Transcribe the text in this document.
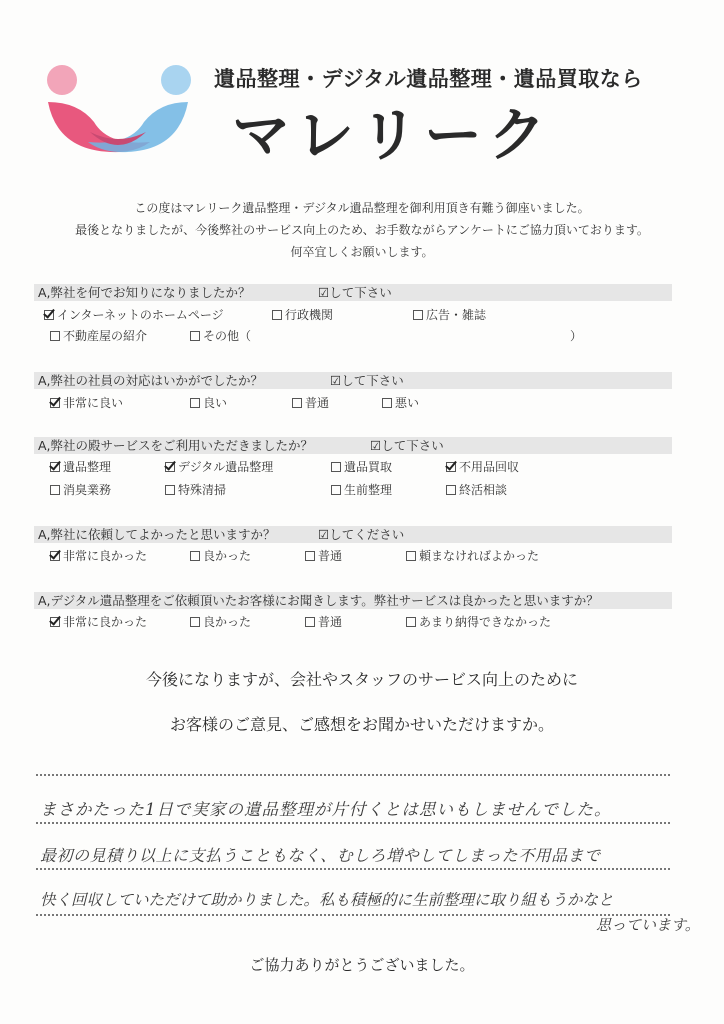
遺品整理・デジタル遺品整理・遺品買取なら
マレリーク
この度はマレリーク遺品整理・デジタル遺品整理を御利用頂き有難う御座いました。
最後となりましたが、今後弊社のサービス向上のため、お手数ながらアンケートにご協力頂いております。
何卒宜しくお願いします。
A,弊社を何でお知りになりましたか？	☑して下さい
インターネットのホームページ	行政機関	広告・雑誌
不動産屋の紹介	その他（	）
A,弊社の社員の対応はいかがでしたか？	☑して下さい
非常に良い	良い	普通	悪い
A,弊社の殿サービスをご利用いただきましたか？	☑して下さい
遺品整理	デジタル遺品整理	遺品買取	不用品回収
消臭業務	特殊清掃	生前整理	終活相談
A,弊社に依頼してよかったと思いますか？	☑してください
非常に良かった	良かった	普通	頼まなければよかった
A,デジタル遺品整理をご依頼頂いたお客様にお聞きします。弊社サービスは良かったと思いますか？
非常に良かった	良かった	普通	あまり納得できなかった
今後になりますが、会社やスタッフのサービス向上のために
お客様のご意見、ご感想をお聞かせいただけますか。
まさかたった1日で実家の遺品整理が片付くとは思いもしませんでした。
最初の見積り以上に支払うこともなく、むしろ増やしてしまった不用品まで
快く回収していただけて助かりました。私も積極的に生前整理に取り組もうかなと
思っています。
ご協力ありがとうございました。
